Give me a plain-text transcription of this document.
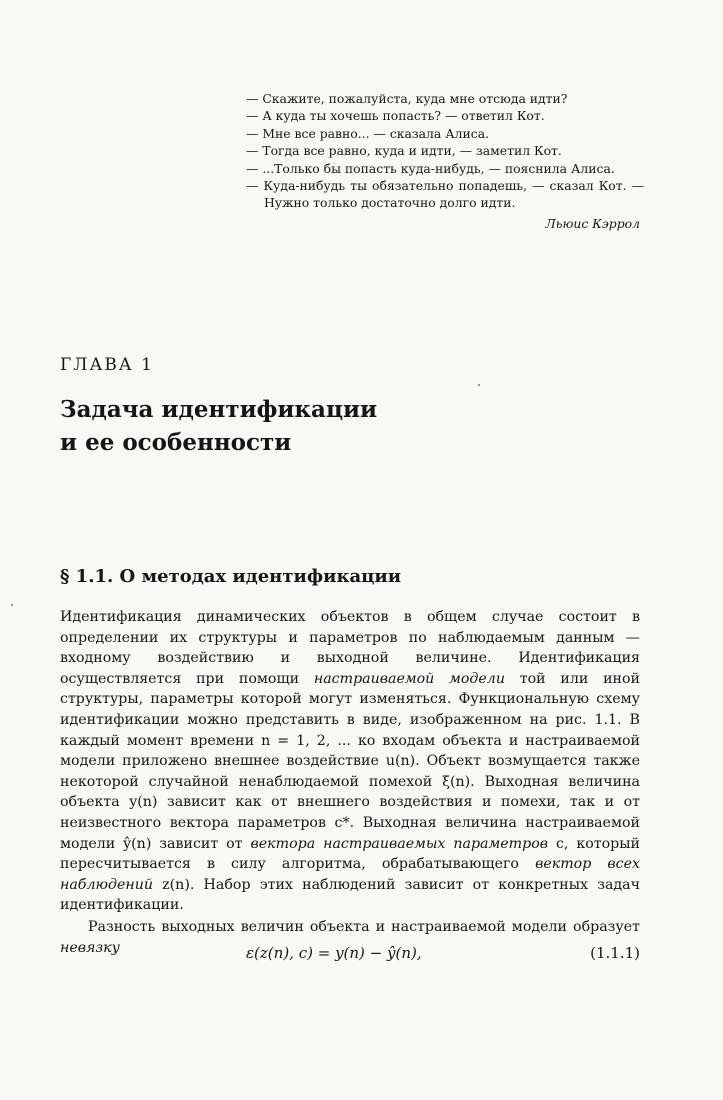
— Скажите, пожалуйста, куда мне отсюда идти?
— А куда ты хочешь попасть? — ответил Кот.
— Мне все равно... — сказала Алиса.
— Тогда все равно, куда и идти, — заметил Кот.
— ...Только бы попасть куда-нибудь, — пояснила Алиса.
— Куда-нибудь ты обязательно попадешь, — сказал Кот. — Нужно только достаточно долго идти.
Льюис Кэррол
ГЛАВА 1
Задача идентификации
и ее особенности
§ 1.1. О методах идентификации

Идентификация динамических объектов в общем случае состоит в определении их структуры и параметров по наблюдаемым данным — входному воздействию и выходной величине. Идентификация осуществляется при помощи настраиваемой модели той или иной структуры, параметры которой могут изменяться. Функциональную схему идентификации можно представить в виде, изображенном на рис. 1.1. В каждый момент времени n = 1, 2, ... ко входам объекта и настраиваемой модели приложено внешнее воздействие u(n). Объект возмущается также некоторой случайной ненаблюдаемой помехой ξ(n). Выходная величина объекта y(n) зависит как от внешнего воздействия и помехи, так и от неизвестного вектора параметров c*. Выходная величина настраиваемой модели ŷ(n) зависит от вектора настраиваемых параметров c, который пересчитывается в силу алгоритма, обрабатывающего вектор всех наблюдений z(n). Набор этих наблюдений зависит от конкретных задач идентификации.

Разность выходных величин объекта и настраиваемой модели образует невязку	ε(z(n), c) = y(n) − ŷ(n),	(1.1.1)
